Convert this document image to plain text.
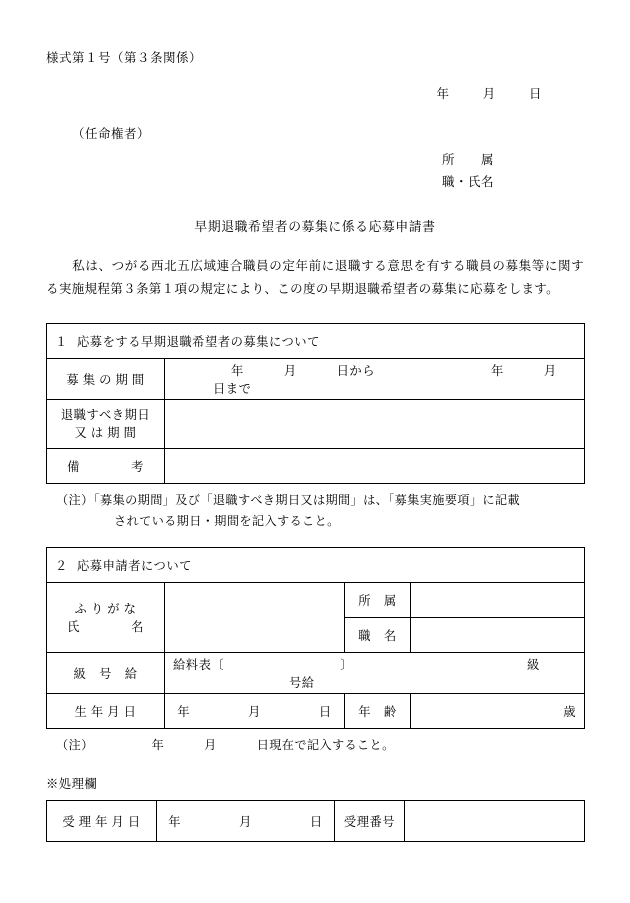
様式第１号（第３条関係）
年	月	日
（任命権者）
所　　属
職・氏名
早期退職希望者の募集に係る応募申請書
私は、つがる西北五広域連合職員の定年前に退職する意思を有する職員の募集等に関する実施規程第３条第１項の規定により、この度の早期退職希望者の募集に応募をします。
１ 応募をする早期退職希望者の募集について	
募 集 の 期 間	年 月 日から 年 月日まで
退職すべき期日
又 は 期 間	
備　　　　考	
（注）「募集の期間」及び「退職すべき期日又は期間」は、「募集実施要項」に記載
されている期日・期間を記入すること。
２ 応募申請者について			
ふ り が な
氏　　　　名		所　属	
		職　名	
級　号　給	給料表〔 〕 級号給		
生 年 月 日	年 月 日	年　齢	歳
（注）	年	月	日現在で記入すること。
※処理欄
受 理 年 月 日	年	月	日	受理番号	
